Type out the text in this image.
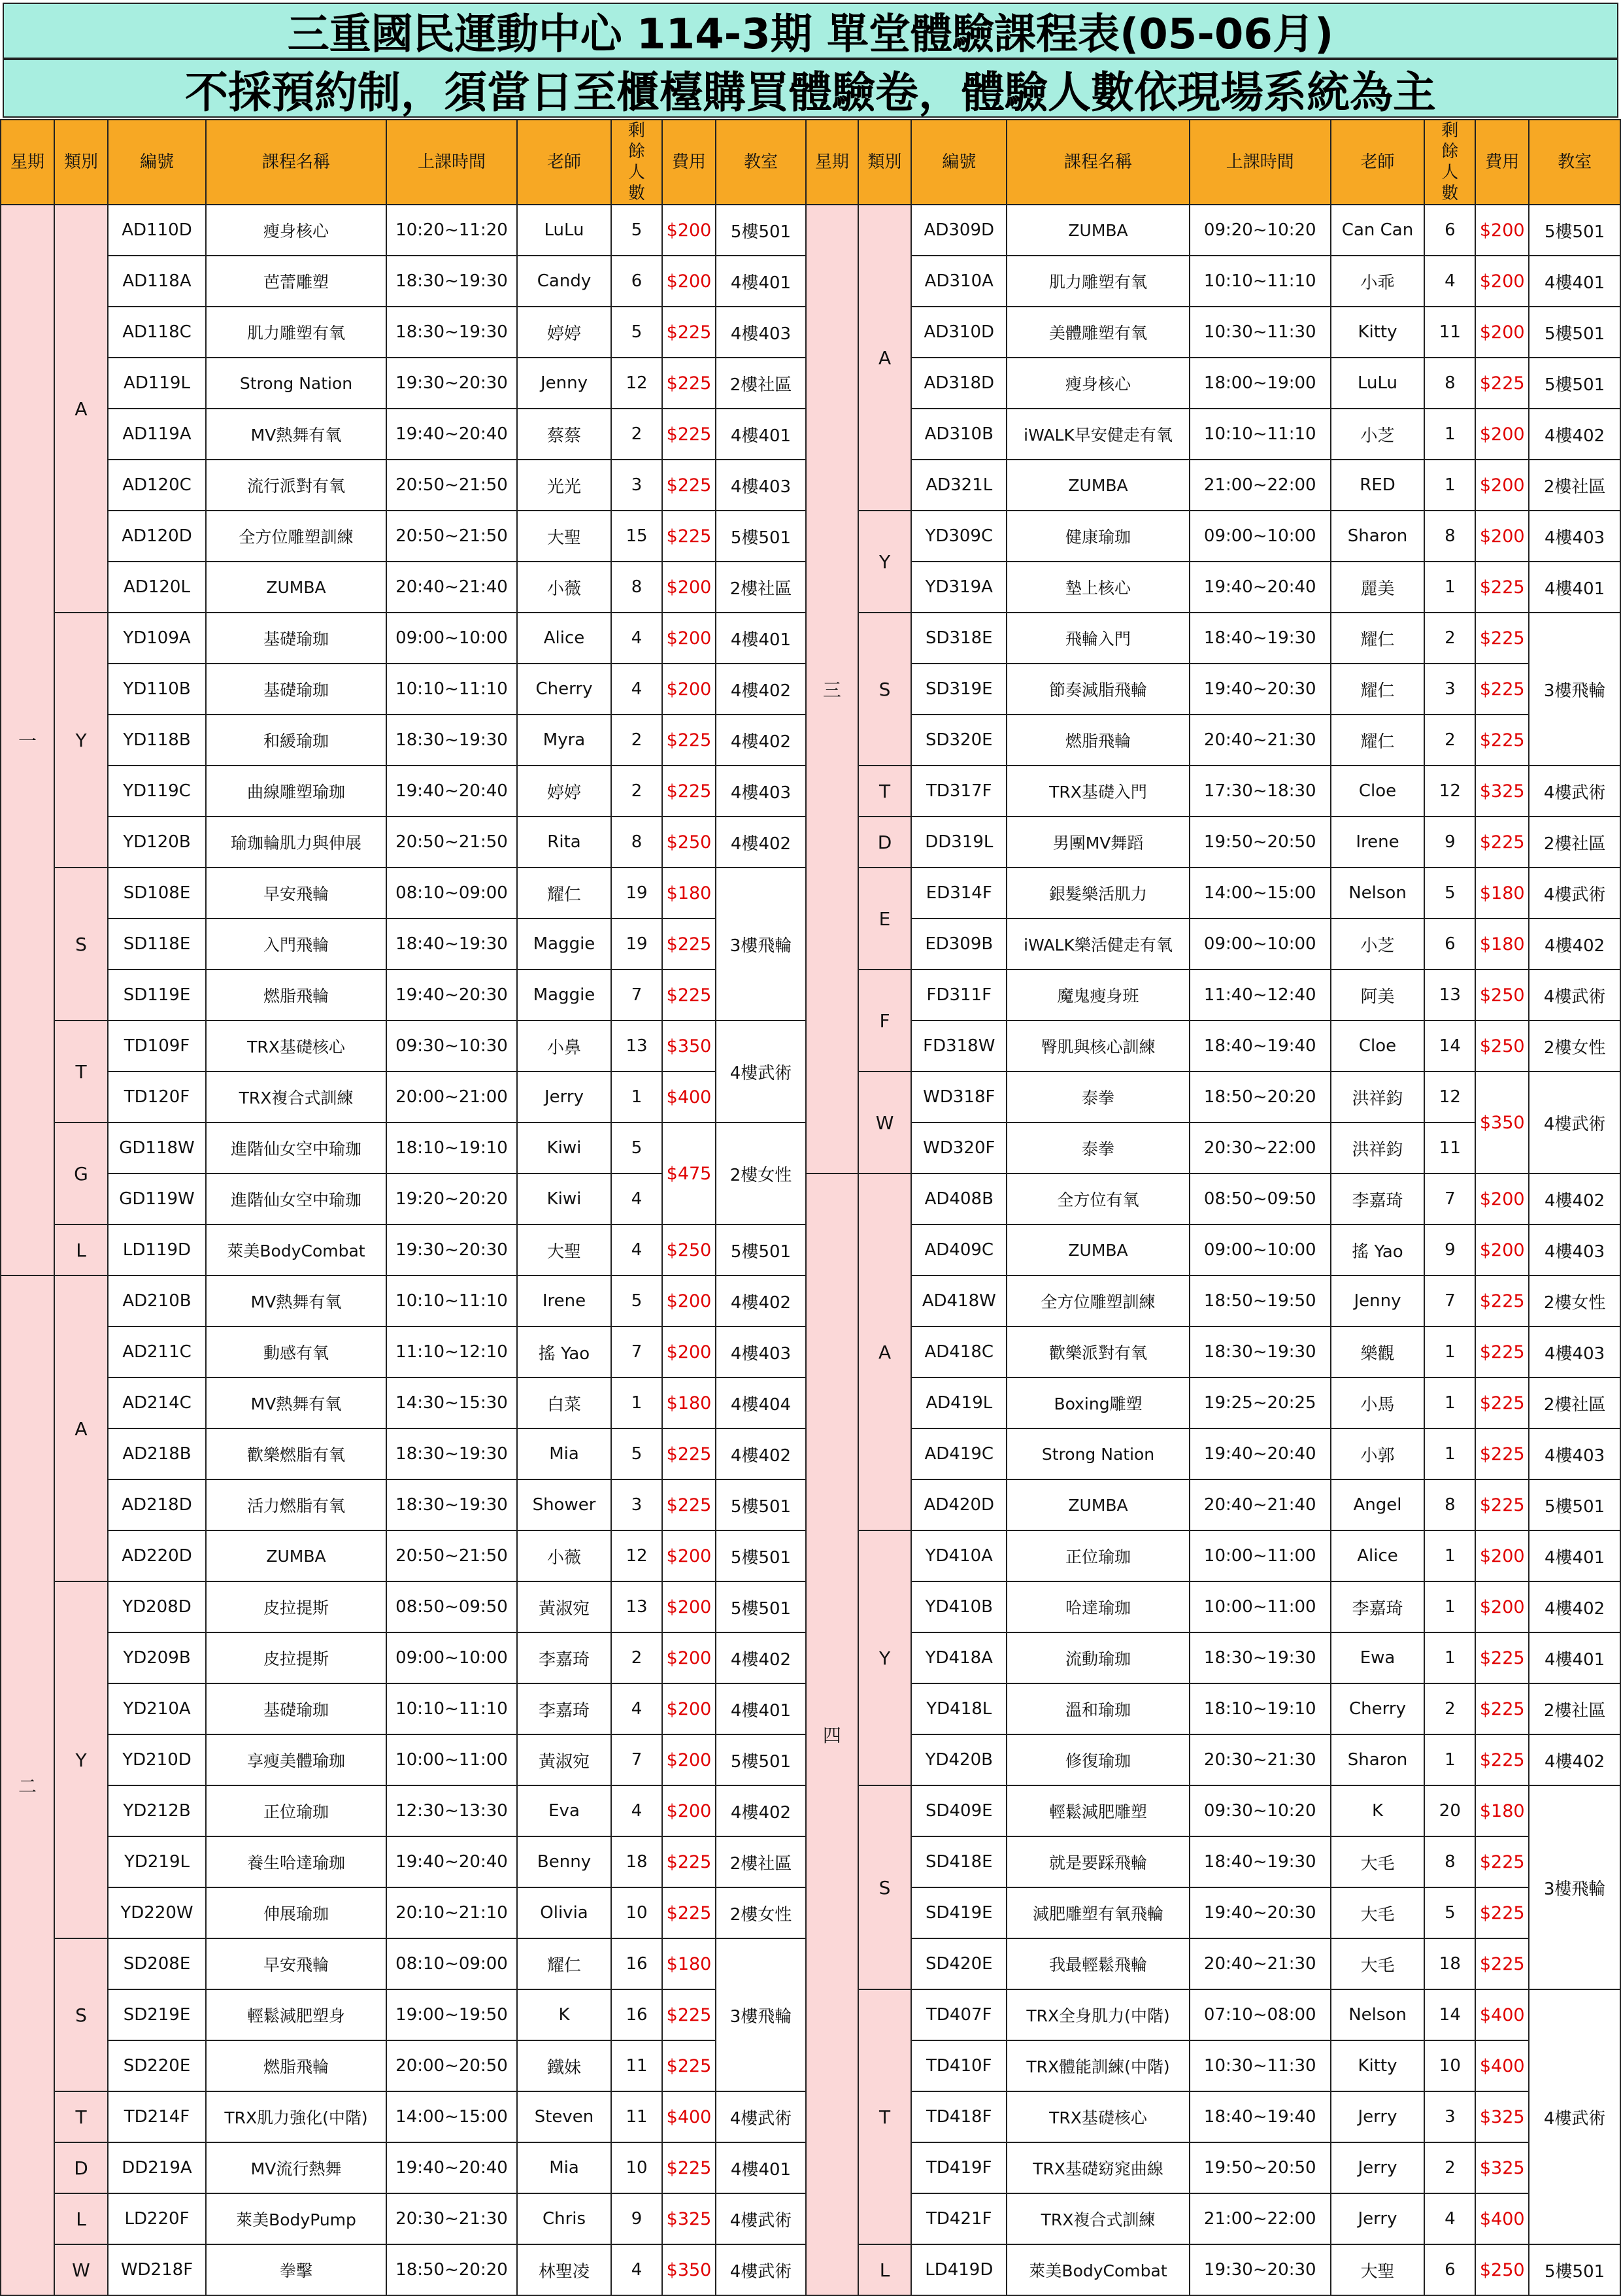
三重國民運動中心 114-3期 單堂體驗課程表(05-06月)
不採預約制，須當日至櫃檯購買體驗卷，體驗人數依現場系統為主
星期	類別	編號	課程名稱	上課時間	老師	剩餘人數	費用	教室
一	A	AD110D	瘦身核心	10:20~11:20	LuLu	5	$200	5樓501
		AD118A	芭蕾雕塑	18:30~19:30	Candy	6	$200	4樓401
		AD118C	肌力雕塑有氧	18:30~19:30	婷婷	5	$225	4樓403
		AD119L	Strong Nation	19:30~20:30	Jenny	12	$225	2樓社區
		AD119A	MV熱舞有氧	19:40~20:40	蔡蔡	2	$225	4樓401
		AD120C	流行派對有氧	20:50~21:50	光光	3	$225	4樓403
		AD120D	全方位雕塑訓練	20:50~21:50	大聖	15	$225	5樓501
		AD120L	ZUMBA	20:40~21:40	小薇	8	$200	2樓社區
	Y	YD109A	基礎瑜珈	09:00~10:00	Alice	4	$200	4樓401
		YD110B	基礎瑜珈	10:10~11:10	Cherry	4	$200	4樓402
		YD118B	和緩瑜珈	18:30~19:30	Myra	2	$225	4樓402
		YD119C	曲線雕塑瑜珈	19:40~20:40	婷婷	2	$225	4樓403
		YD120B	瑜珈輪肌力與伸展	20:50~21:50	Rita	8	$250	4樓402
	S	SD108E	早安飛輪	08:10~09:00	耀仁	19	$180	3樓飛輪
		SD118E	入門飛輪	18:40~19:30	Maggie	19	$225	
		SD119E	燃脂飛輪	19:40~20:30	Maggie	7	$225	
	T	TD109F	TRX基礎核心	09:30~10:30	小鼻	13	$350	4樓武術
		TD120F	TRX複合式訓練	20:00~21:00	Jerry	1	$400	
	G	GD118W	進階仙女空中瑜珈	18:10~19:10	Kiwi	5	$475	2樓女性
		GD119W	進階仙女空中瑜珈	19:20~20:20	Kiwi	4		
	L	LD119D	萊美BodyCombat	19:30~20:30	大聖	4	$250	5樓501
二	A	AD210B	MV熱舞有氧	10:10~11:10	Irene	5	$200	4樓402
		AD211C	動感有氧	11:10~12:10	搖 Yao	7	$200	4樓403
		AD214C	MV熱舞有氧	14:30~15:30	白菜	1	$180	4樓404
		AD218B	歡樂燃脂有氧	18:30~19:30	Mia	5	$225	4樓402
		AD218D	活力燃脂有氧	18:30~19:30	Shower	3	$225	5樓501
		AD220D	ZUMBA	20:50~21:50	小薇	12	$200	5樓501
	Y	YD208D	皮拉提斯	08:50~09:50	黃淑宛	13	$200	5樓501
		YD209B	皮拉提斯	09:00~10:00	李嘉琦	2	$200	4樓402
		YD210A	基礎瑜珈	10:10~11:10	李嘉琦	4	$200	4樓401
		YD210D	享瘦美體瑜珈	10:00~11:00	黃淑宛	7	$200	5樓501
		YD212B	正位瑜珈	12:30~13:30	Eva	4	$200	4樓402
		YD219L	養生哈達瑜珈	19:40~20:40	Benny	18	$225	2樓社區
		YD220W	伸展瑜珈	20:10~21:10	Olivia	10	$225	2樓女性
	S	SD208E	早安飛輪	08:10~09:00	耀仁	16	$180	3樓飛輪
		SD219E	輕鬆減肥塑身	19:00~19:50	K	16	$225	
		SD220E	燃脂飛輪	20:00~20:50	鐵妹	11	$225	
	T	TD214F	TRX肌力強化(中階)	14:00~15:00	Steven	11	$400	4樓武術
	D	DD219A	MV流行熱舞	19:40~20:40	Mia	10	$225	4樓401
	L	LD220F	萊美BodyPump	20:30~21:30	Chris	9	$325	4樓武術
	W	WD218F	拳擊	18:50~20:20	林聖凌	4	$350	4樓武術
星期	類別	編號	課程名稱	上課時間	老師	剩餘人數	費用	教室
三	A	AD309D	ZUMBA	09:20~10:20	Can Can	6	$200	5樓501
		AD310A	肌力雕塑有氧	10:10~11:10	小乖	4	$200	4樓401
		AD310D	美體雕塑有氧	10:30~11:30	Kitty	11	$200	5樓501
		AD318D	瘦身核心	18:00~19:00	LuLu	8	$225	5樓501
		AD310B	iWALK早安健走有氧	10:10~11:10	小芝	1	$200	4樓402
		AD321L	ZUMBA	21:00~22:00	RED	1	$200	2樓社區
	Y	YD309C	健康瑜珈	09:00~10:00	Sharon	8	$200	4樓403
		YD319A	墊上核心	19:40~20:40	麗美	1	$225	4樓401
	S	SD318E	飛輪入門	18:40~19:30	耀仁	2	$225	3樓飛輪
		SD319E	節奏減脂飛輪	19:40~20:30	耀仁	3	$225	
		SD320E	燃脂飛輪	20:40~21:30	耀仁	2	$225	
	T	TD317F	TRX基礎入門	17:30~18:30	Cloe	12	$325	4樓武術
	D	DD319L	男團MV舞蹈	19:50~20:50	Irene	9	$225	2樓社區
	E	ED314F	銀髮樂活肌力	14:00~15:00	Nelson	5	$180	4樓武術
		ED309B	iWALK樂活健走有氧	09:00~10:00	小芝	6	$180	4樓402
	F	FD311F	魔鬼瘦身班	11:40~12:40	阿美	13	$250	4樓武術
		FD318W	臀肌與核心訓練	18:40~19:40	Cloe	14	$250	2樓女性
	W	WD318F	泰拳	18:50~20:20	洪祥鈞	12	$350	4樓武術
		WD320F	泰拳	20:30~22:00	洪祥鈞	11		
四	A	AD408B	全方位有氧	08:50~09:50	李嘉琦	7	$200	4樓402
		AD409C	ZUMBA	09:00~10:00	搖 Yao	9	$200	4樓403
		AD418W	全方位雕塑訓練	18:50~19:50	Jenny	7	$225	2樓女性
		AD418C	歡樂派對有氧	18:30~19:30	樂觀	1	$225	4樓403
		AD419L	Boxing雕塑	19:25~20:25	小馬	1	$225	2樓社區
		AD419C	Strong Nation	19:40~20:40	小郭	1	$225	4樓403
		AD420D	ZUMBA	20:40~21:40	Angel	8	$225	5樓501
	Y	YD410A	正位瑜珈	10:00~11:00	Alice	1	$200	4樓401
		YD410B	哈達瑜珈	10:00~11:00	李嘉琦	1	$200	4樓402
		YD418A	流動瑜珈	18:30~19:30	Ewa	1	$225	4樓401
		YD418L	溫和瑜珈	18:10~19:10	Cherry	2	$225	2樓社區
		YD420B	修復瑜珈	20:30~21:30	Sharon	1	$225	4樓402
	S	SD409E	輕鬆減肥雕塑	09:30~10:20	K	20	$180	3樓飛輪
		SD418E	就是要踩飛輪	18:40~19:30	大毛	8	$225	
		SD419E	減肥雕塑有氧飛輪	19:40~20:30	大毛	5	$225	
		SD420E	我最輕鬆飛輪	20:40~21:30	大毛	18	$225	
	T	TD407F	TRX全身肌力(中階)	07:10~08:00	Nelson	14	$400	4樓武術
		TD410F	TRX體能訓練(中階)	10:30~11:30	Kitty	10	$400	
		TD418F	TRX基礎核心	18:40~19:40	Jerry	3	$325	
		TD419F	TRX基礎窈窕曲線	19:50~20:50	Jerry	2	$325	
		TD421F	TRX複合式訓練	21:00~22:00	Jerry	4	$400	
	L	LD419D	萊美BodyCombat	19:30~20:30	大聖	6	$250	5樓501
